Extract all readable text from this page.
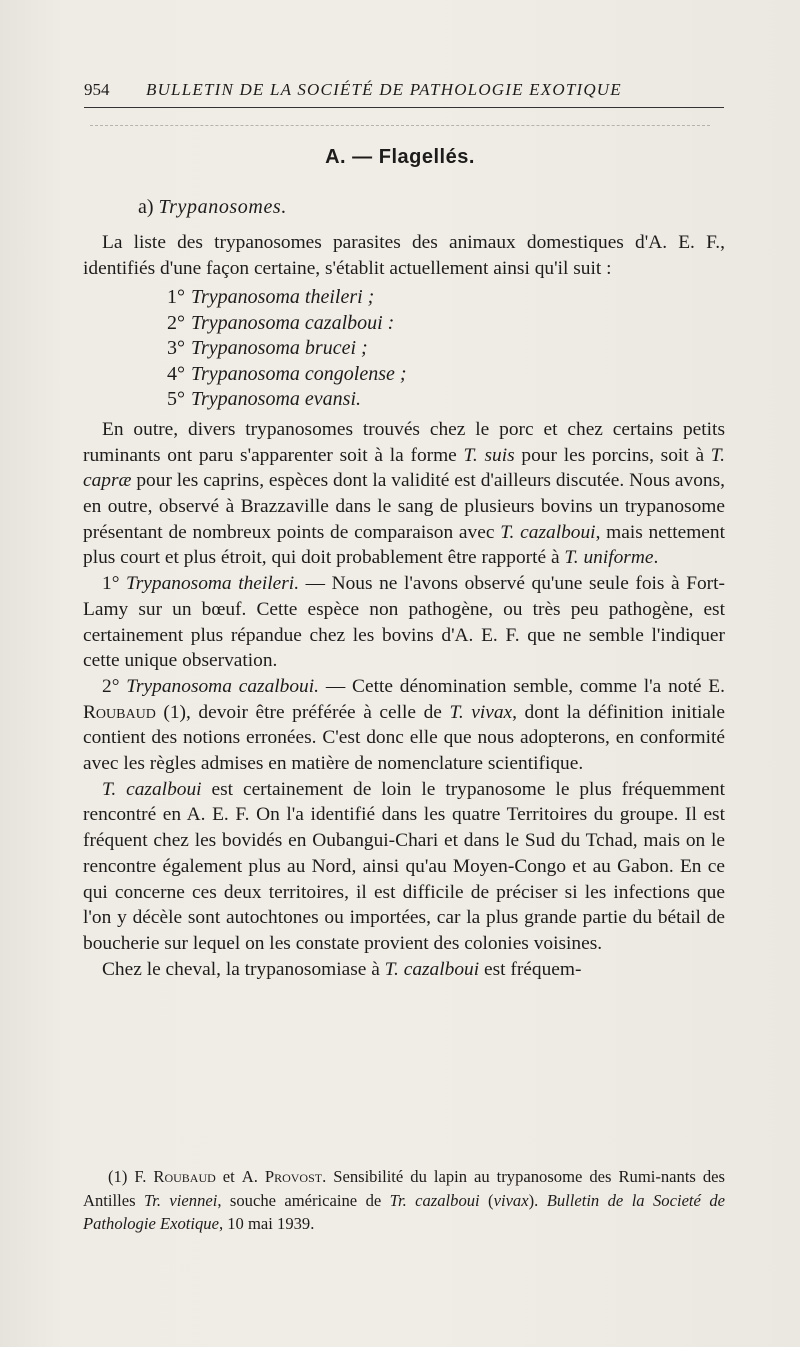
954 BULLETIN DE LA SOCIÉTÉ DE PATHOLOGIE EXOTIQUE
A. — Flagellés.
a) Trypanosomes.

La liste des trypanosomes parasites des animaux domestiques d'A. E. F., identifiés d'une façon certaine, s'établit actuellement ainsi qu'il suit :

1° Trypanosoma theileri ;
2° Trypanosoma cazalboui :
3° Trypanosoma brucei ;
4° Trypanosoma congolense ;
5° Trypanosoma evansi.

En outre, divers trypanosomes trouvés chez le porc et chez certains petits ruminants ont paru s'apparenter soit à la forme T. suis pour les porcins, soit à T. capræ pour les caprins, espèces dont la validité est d'ailleurs discutée. Nous avons, en outre, observé à Brazzaville dans le sang de plusieurs bovins un trypanosome présentant de nombreux points de comparaison avec T. cazalboui, mais nettement plus court et plus étroit, qui doit probablement être rapporté à T. uniforme.

1° Trypanosoma theileri. — Nous ne l'avons observé qu'une seule fois à Fort-Lamy sur un bœuf. Cette espèce non pathogène, ou très peu pathogène, est certainement plus répandue chez les bovins d'A. E. F. que ne semble l'indiquer cette unique observation.

2° Trypanosoma cazalboui. — Cette dénomination semble, comme l'a noté E. Roubaud (1), devoir être préférée à celle de T. vivax, dont la définition initiale contient des notions erronées. C'est donc elle que nous adopterons, en conformité avec les règles admises en matière de nomenclature scientifique.

T. cazalboui est certainement de loin le trypanosome le plus fréquemment rencontré en A. E. F. On l'a identifié dans les quatre Territoires du groupe. Il est fréquent chez les bovidés en Oubangui-Chari et dans le Sud du Tchad, mais on le rencontre également plus au Nord, ainsi qu'au Moyen-Congo et au Gabon. En ce qui concerne ces deux territoires, il est difficile de préciser si les infections que l'on y décèle sont autochtones ou importées, car la plus grande partie du bétail de boucherie sur lequel on les constate provient des colonies voisines.

Chez le cheval, la trypanosomiase à T. cazalboui est fréquem-

(1) F. Roubaud et A. Provost. Sensibilité du lapin au trypanosome des Rumi-nants des Antilles Tr. viennei, souche américaine de Tr. cazalboui (vivax). Bulletin de la Societé de Pathologie Exotique, 10 mai 1939.
